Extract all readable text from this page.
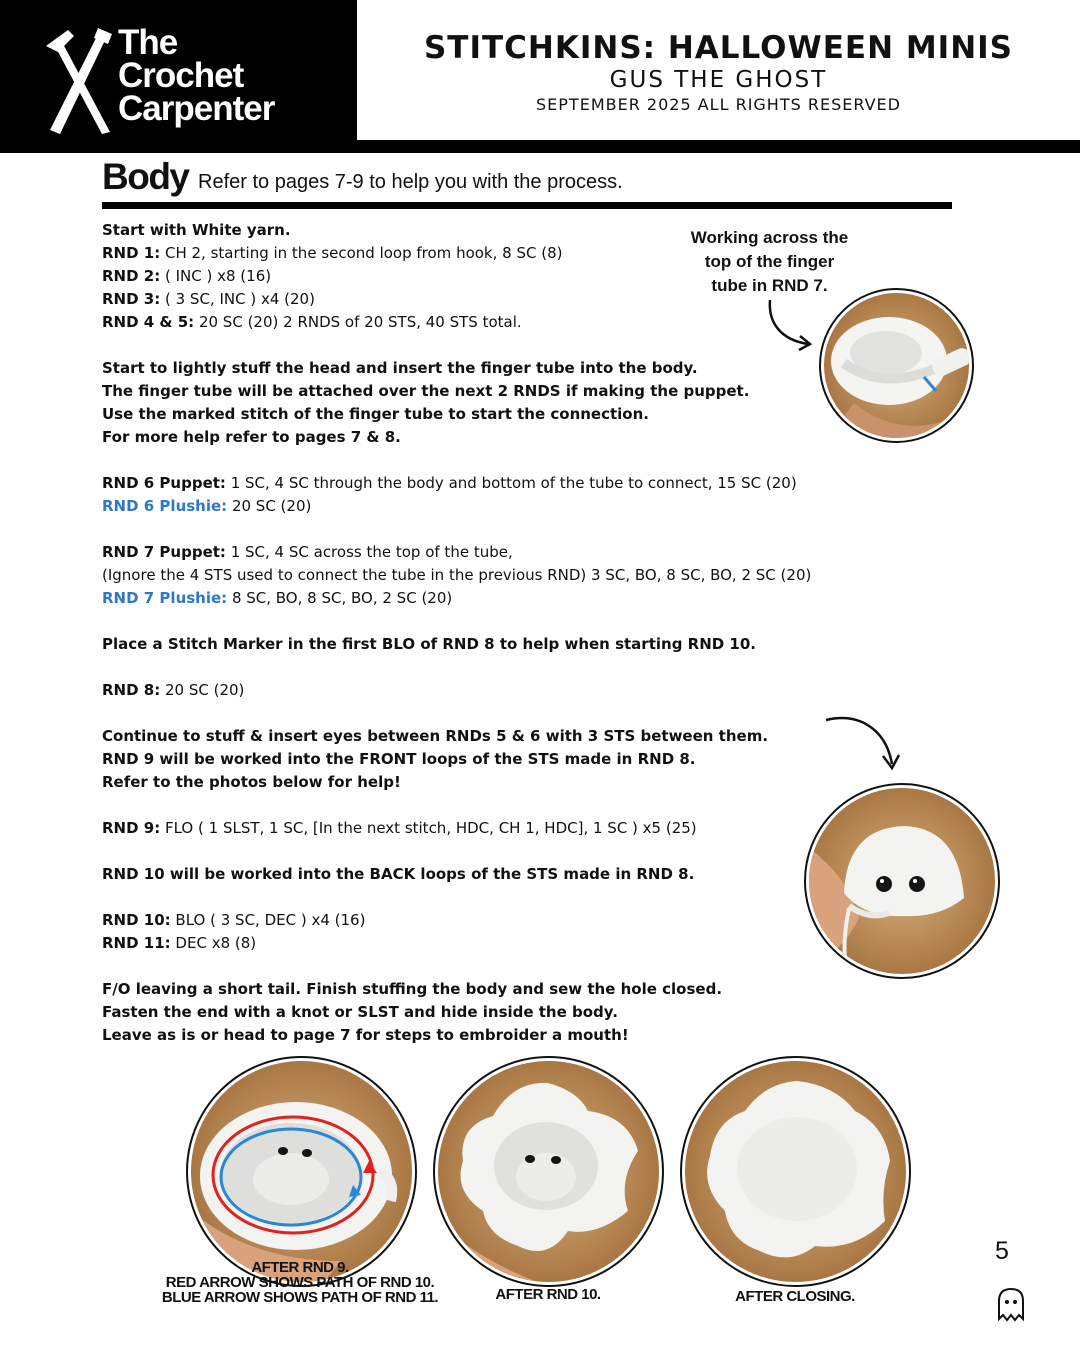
The
Crochet
Carpenter
STITCHKINS: HALLOWEEN MINIS
GUS THE GHOST
SEPTEMBER 2025 ALL RIGHTS RESERVED
Body Refer to pages 7-9 to help you with the process.

Start with White yarn.

RND 1: CH 2, starting in the second loop from hook, 8 SC (8)

RND 2: ( INC ) x8 (16)

RND 3: ( 3 SC, INC ) x4 (20)

RND 4 & 5: 20 SC (20) 2 RNDS of 20 STS, 40 STS total.

Start to lightly stuff the head and insert the finger tube into the body.

The finger tube will be attached over the next 2 RNDS if making the puppet.

Use the marked stitch of the finger tube to start the connection.

For more help refer to pages 7 & 8.

RND 6 Puppet: 1 SC, 4 SC through the body and bottom of the tube to connect, 15 SC (20)

RND 6 Plushie: 20 SC (20)

RND 7 Puppet: 1 SC, 4 SC across the top of the tube,

(Ignore the 4 STS used to connect the tube in the previous RND) 3 SC, BO, 8 SC, BO, 2 SC (20)

RND 7 Plushie: 8 SC, BO, 8 SC, BO, 2 SC (20)

Place a Stitch Marker in the first BLO of RND 8 to help when starting RND 10.

RND 8: 20 SC (20)

Continue to stuff & insert eyes between RNDs 5 & 6 with 3 STS between them.

RND 9 will be worked into the FRONT loops of the STS made in RND 8.

Refer to the photos below for help!

RND 9: FLO ( 1 SLST, 1 SC, [In the next stitch, HDC, CH 1, HDC], 1 SC ) x5 (25)

RND 10 will be worked into the BACK loops of the STS made in RND 8.

RND 10: BLO ( 3 SC, DEC ) x4 (16)

RND 11: DEC x8 (8)

F/O leaving a short tail. Finish stuffing the body and sew the hole closed.

Fasten the end with a knot or SLST and hide inside the body.

Leave as is or head to page 7 for steps to embroider a mouth!

Working across the
top of the finger
tube in RND 7.
AFTER RND 9.
RED ARROW SHOWS PATH OF RND 10.
BLUE ARROW SHOWS PATH OF RND 11.	AFTER RND 10.	AFTER CLOSING.
5
